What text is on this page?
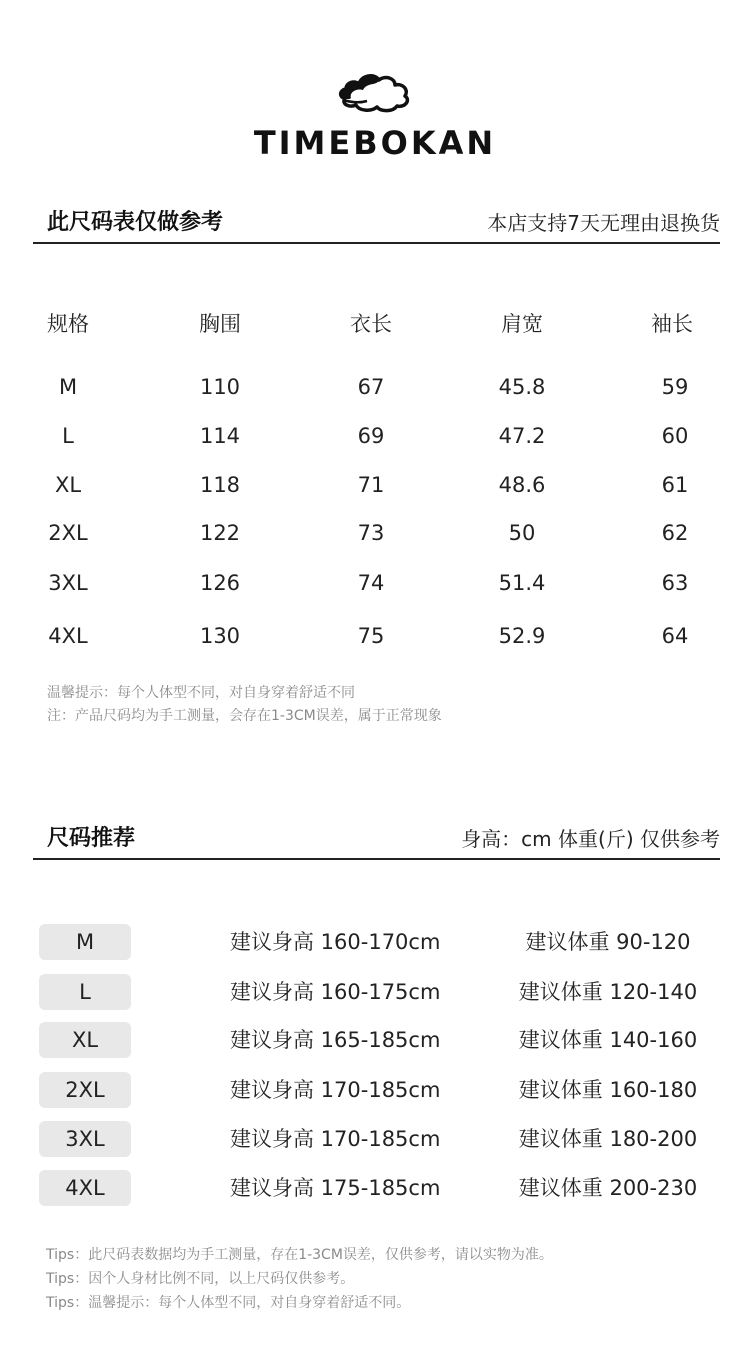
TIMEBOKAN
此尺码表仅做参考	本店支持7天无理由退换货
规格	胸围	衣长	肩宽	袖长
M	110	67	45.8	59
L	114	69	47.2	60
XL	118	71	48.6	61
2XL	122	73	50	62
3XL	126	74	51.4	63
4XL	130	75	52.9	64
温馨提示：每个人体型不同，对自身穿着舒适不同
注：产品尺码均为手工测量，会存在1-3CM误差，属于正常现象
尺码推荐	身高：cm 体重(斤) 仅供参考
M	建议身高 160-170cm	建议体重 90-120
L	建议身高 160-175cm	建议体重 120-140
XL	建议身高 165-185cm	建议体重 140-160
2XL	建议身高 170-185cm	建议体重 160-180
3XL	建议身高 170-185cm	建议体重 180-200
4XL	建议身高 175-185cm	建议体重 200-230
Tips：此尺码表数据均为手工测量，存在1-3CM误差，仅供参考，请以实物为准。
Tips：因个人身材比例不同，以上尺码仅供参考。
Tips：温馨提示：每个人体型不同，对自身穿着舒适不同。
